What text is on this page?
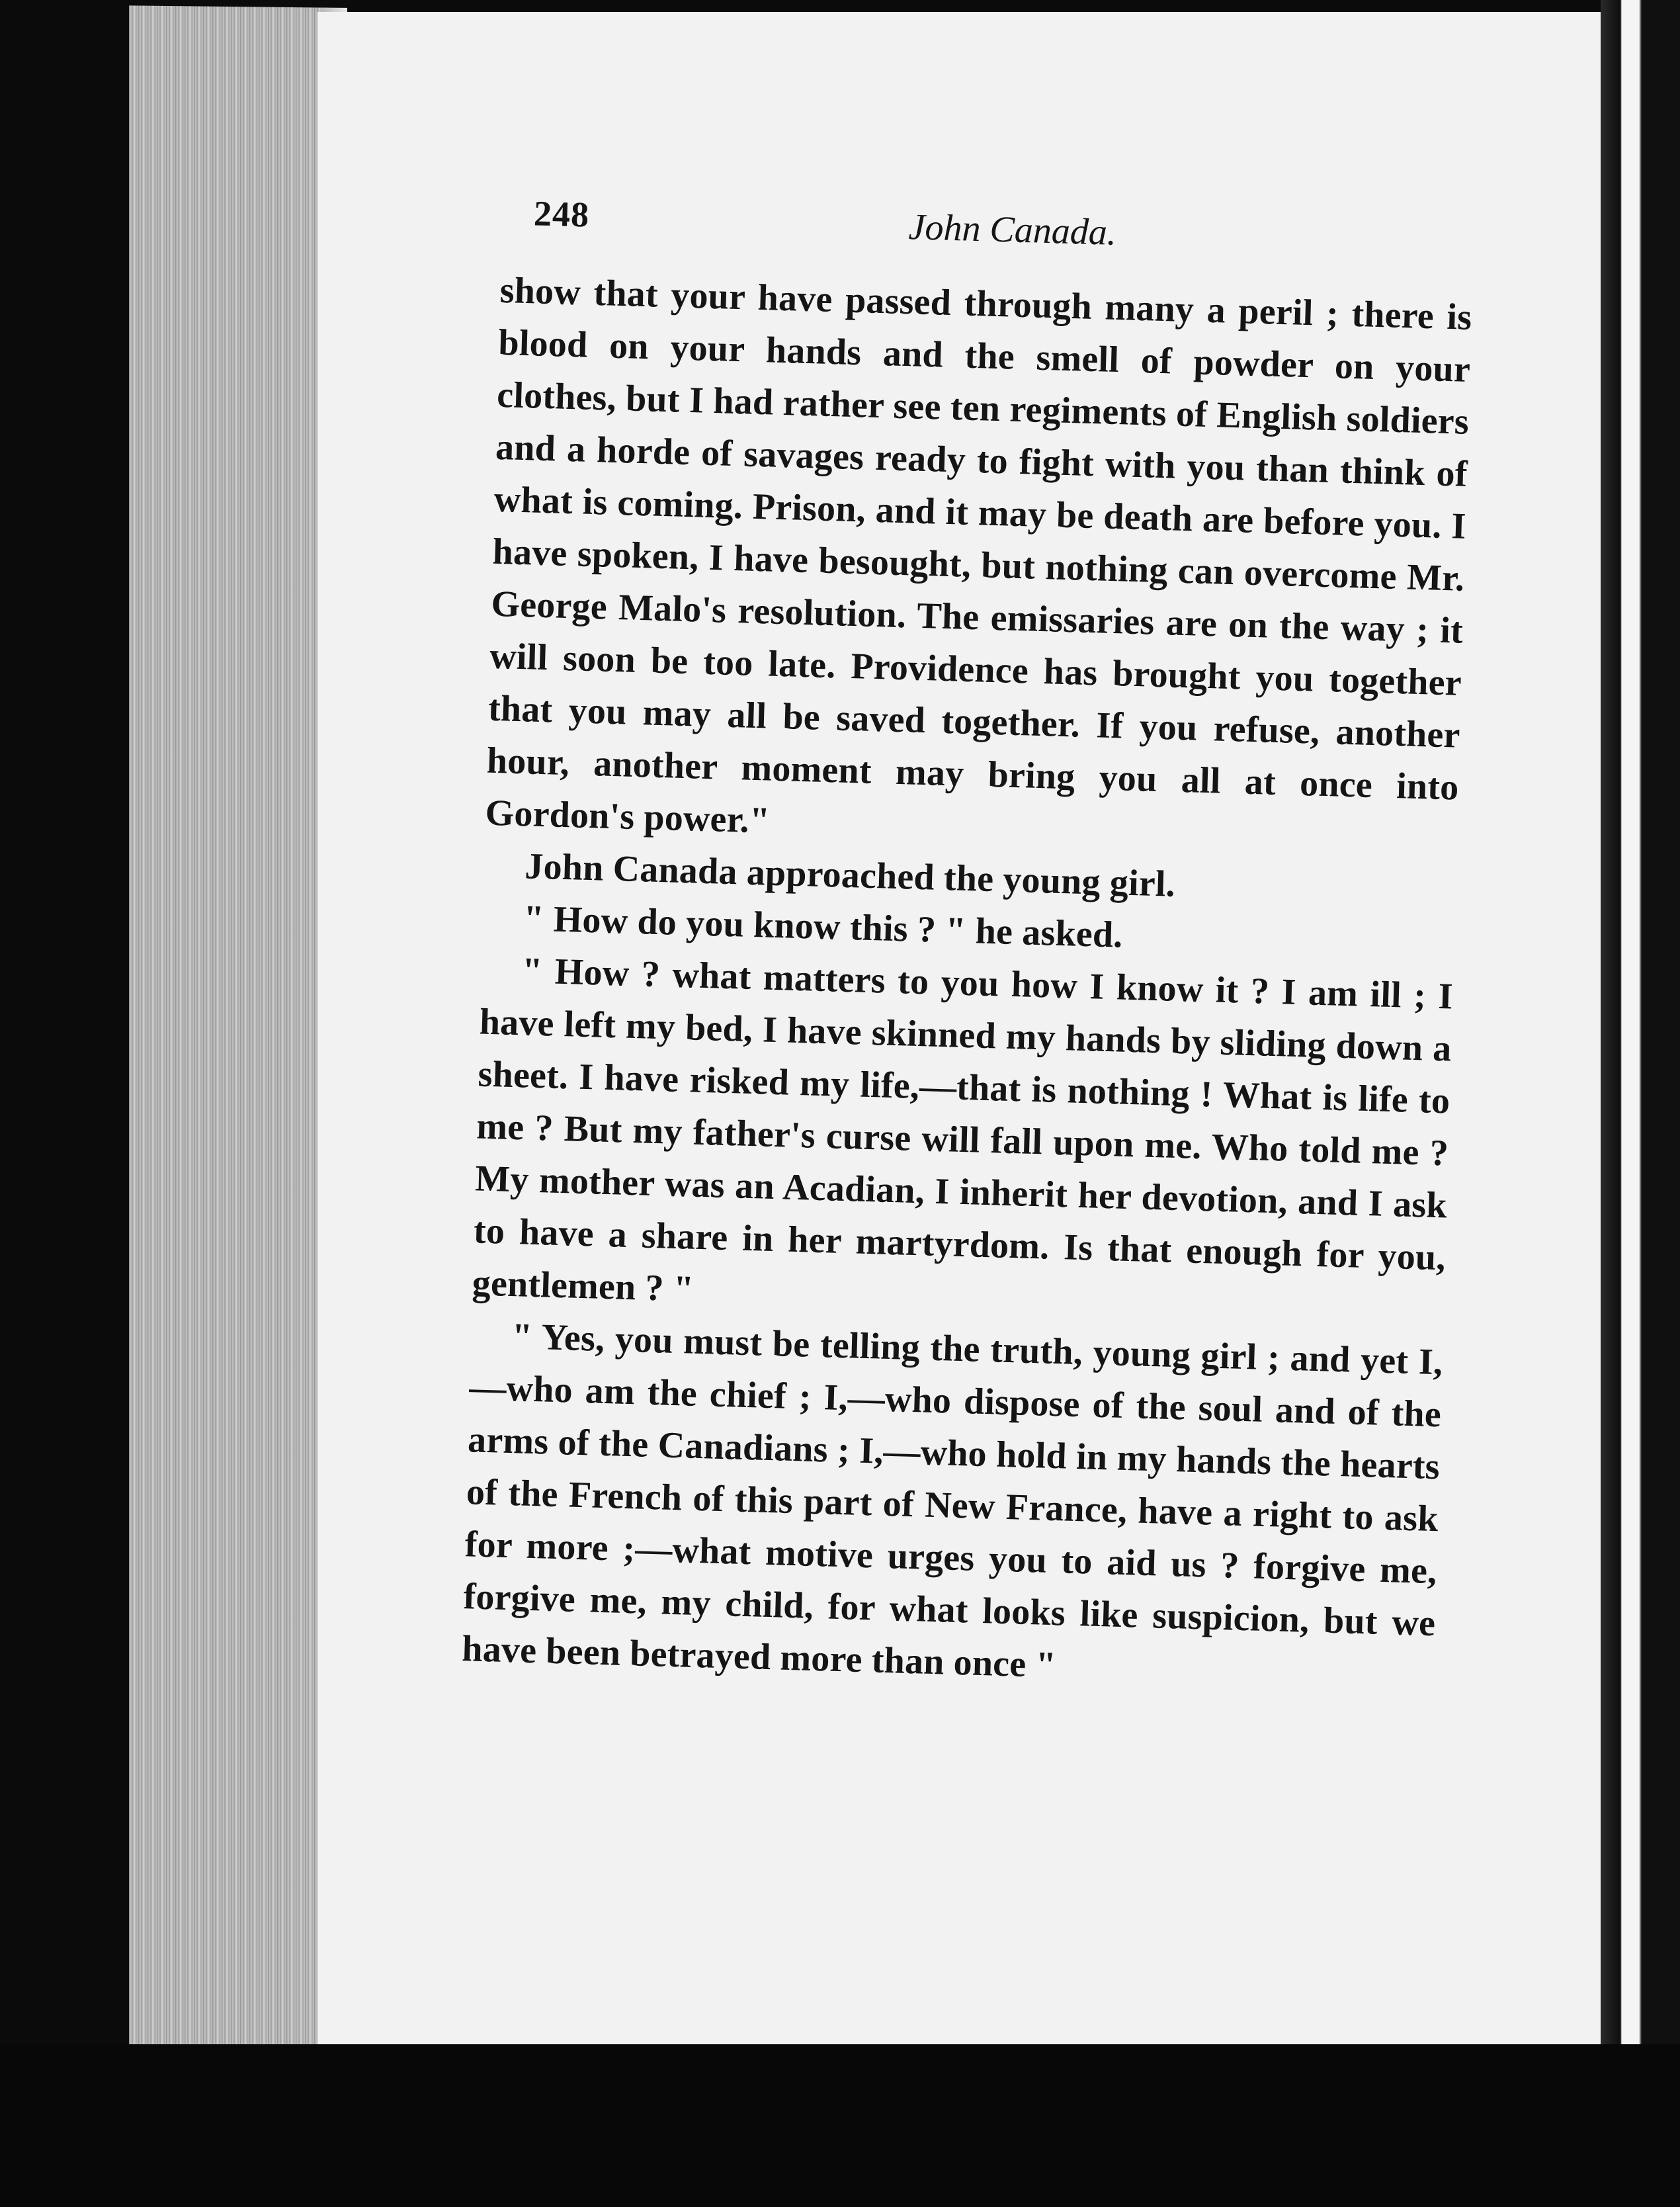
248	John Canada.

show that your have passed through many a peril ; there is blood on your hands and the smell of powder on your clothes, but I had rather see ten regiments of English soldiers and a horde of savages ready to fight with you than think of what is coming. Prison, and it may be death are before you. I have spoken, I have besought, but nothing can overcome Mr. George Malo's resolution. The emissaries are on the way ; it will soon be too late. Providence has brought you together that you may all be saved together. If you refuse, another hour, another moment may bring you all at once into Gordon's power."

John Canada approached the young girl.

" How do you know this ? " he asked.

" How ? what matters to you how I know it ? I am ill ; I have left my bed, I have skinned my hands by sliding down a sheet. I have risked my life,—that is nothing ! What is life to me ? But my father's curse will fall upon me. Who told me ? My mother was an Acadian, I inherit her devotion, and I ask to have a share in her martyrdom. Is that enough for you, gentlemen ? "

" Yes, you must be telling the truth, young girl ; and yet I,—who am the chief ; I,—who dispose of the soul and of the arms of the Canadians ; I,—who hold in my hands the hearts of the French of this part of New France, have a right to ask for more ;—what motive urges you to aid us ? forgive me, forgive me, my child, for what looks like suspicion, but we have been betrayed more than once "
